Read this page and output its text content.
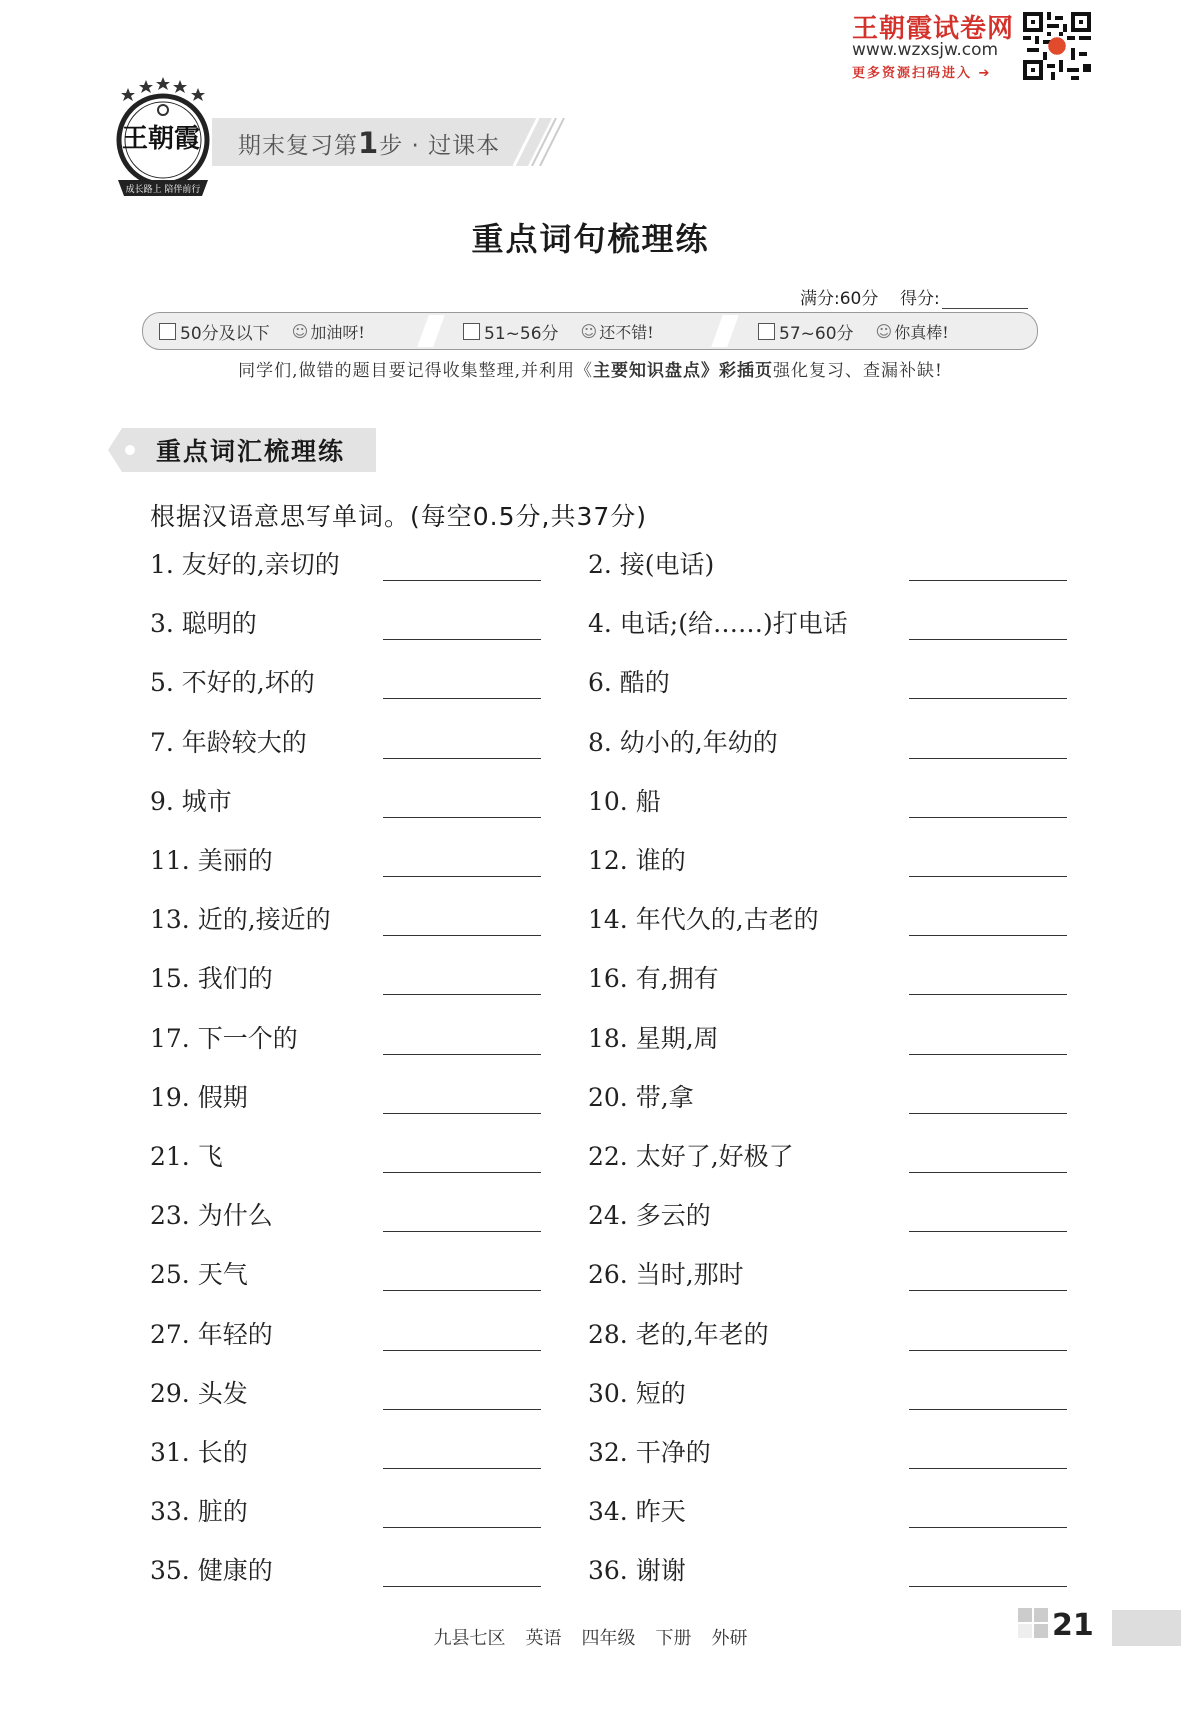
王朝霞试卷网
www.wzxsjw.com
更多资源扫码进入 ➔
成长路上 陪伴前行
王朝霞 期末复习第1步 · 过课本
重点词句梳理练
满分:60分 得分:
50分及以下 ☺ 加油呀!	51~56分 ☺ 还不错!	57~60分 ☺ 你真棒!
同学们,做错的题目要记得收集整理,并利用《主要知识盘点》彩插页强化复习、查漏补缺!
重点词汇梳理练
根据汉语意思写单词。(每空0.5分,共37分)
1. 友好的,亲切的	2. 接(电话)
3. 聪明的	4. 电话;(给……)打电话
5. 不好的,坏的	6. 酷的
7. 年龄较大的	8. 幼小的,年幼的
9. 城市	10. 船
11. 美丽的	12. 谁的
13. 近的,接近的	14. 年代久的,古老的
15. 我们的	16. 有,拥有
17. 下一个的	18. 星期,周
19. 假期	20. 带,拿
21. 飞	22. 太好了,好极了
23. 为什么	24. 多云的
25. 天气	26. 当时,那时
27. 年轻的	28. 老的,年老的
29. 头发	30. 短的
31. 长的	32. 干净的
33. 脏的	34. 昨天
35. 健康的	36. 谢谢
九县七区 英语 四年级 下册 外研	21
